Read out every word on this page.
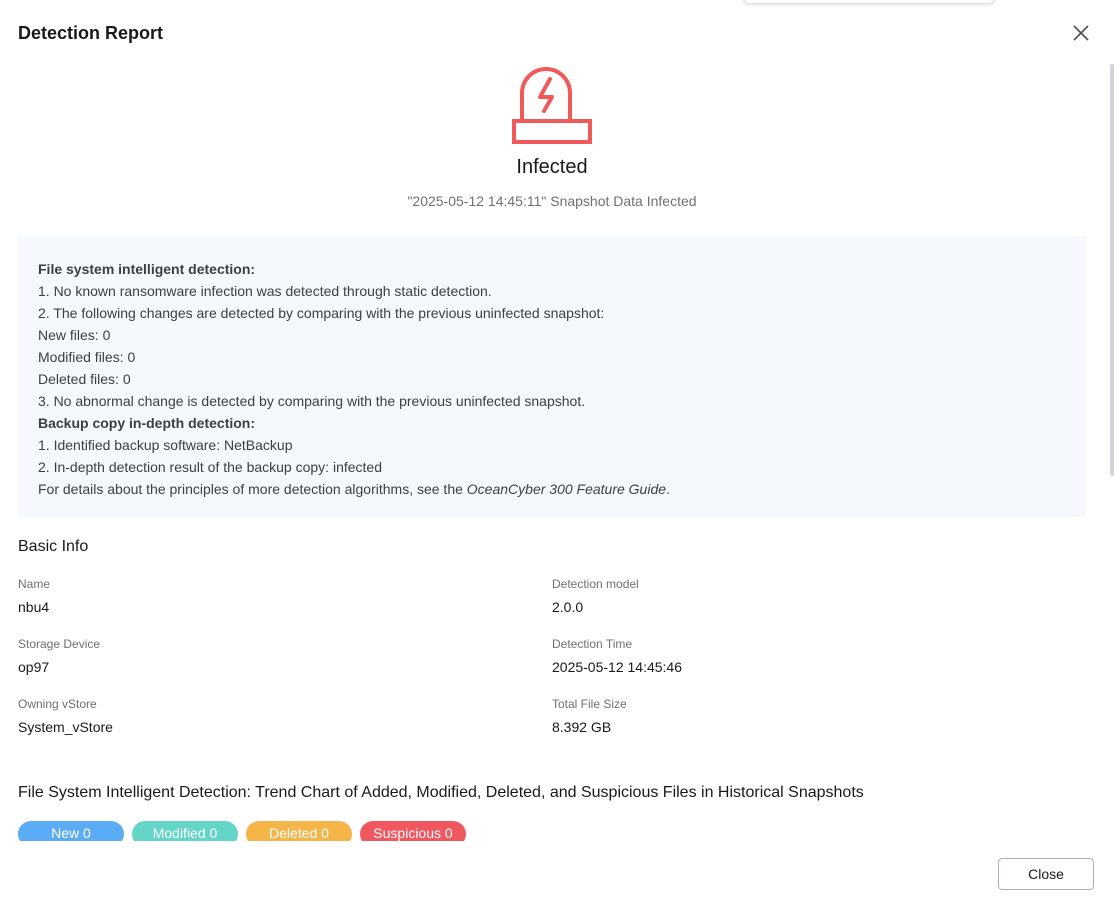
Detection Report
Infected
"2025-05-12 14:45:11" Snapshot Data Infected
File system intelligent detection:
1. No known ransomware infection was detected through static detection.
2. The following changes are detected by comparing with the previous uninfected snapshot:
New files: 0
Modified files: 0
Deleted files: 0
3. No abnormal change is detected by comparing with the previous uninfected snapshot.
Backup copy in-depth detection:
1. Identified backup software: NetBackup
2. In-depth detection result of the backup copy: infected
For details about the principles of more detection algorithms, see the OceanCyber 300 Feature Guide.
Basic Info
Name
nbu4
Detection model
2.0.0
Storage Device
op97
Detection Time
2025-05-12 14:45:46
Owning vStore
System_vStore
Total File Size
8.392 GB
File System Intelligent Detection: Trend Chart of Added, Modified, Deleted, and Suspicious Files in Historical Snapshots
New 0	Modified 0	Deleted 0	Suspicious 0
Close
